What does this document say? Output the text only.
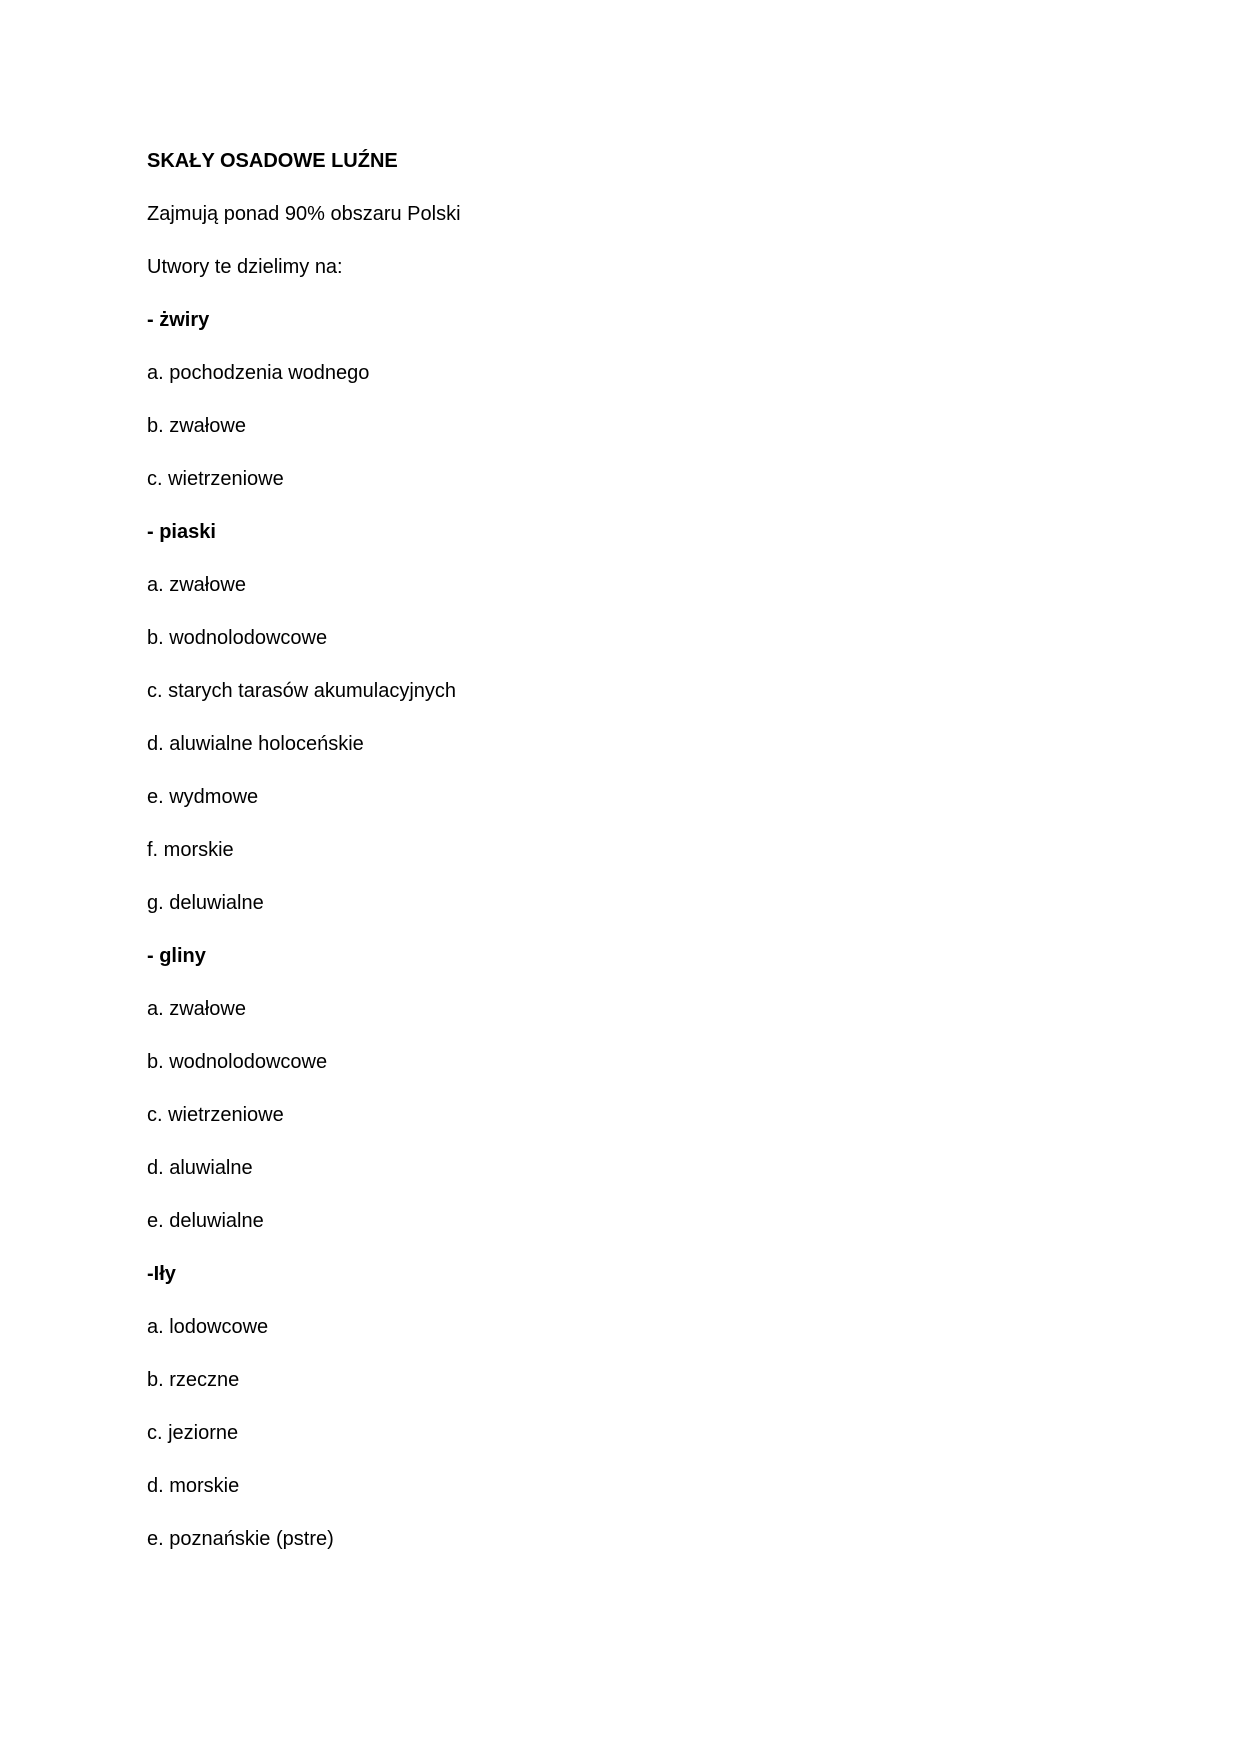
SKAŁY OSADOWE LUŹNE
Zajmują ponad 90% obszaru Polski
Utwory te dzielimy na:
- żwiry
a. pochodzenia wodnego
b. zwałowe
c. wietrzeniowe
- piaski
a. zwałowe
b. wodnolodowcowe
c. starych tarasów akumulacyjnych
d. aluwialne holoceńskie
e. wydmowe
f. morskie
g. deluwialne
- gliny
a. zwałowe
b. wodnolodowcowe
c. wietrzeniowe
d. aluwialne
e. deluwialne
-Iły
a. lodowcowe
b. rzeczne
c. jeziorne
d. morskie
e. poznańskie (pstre)
